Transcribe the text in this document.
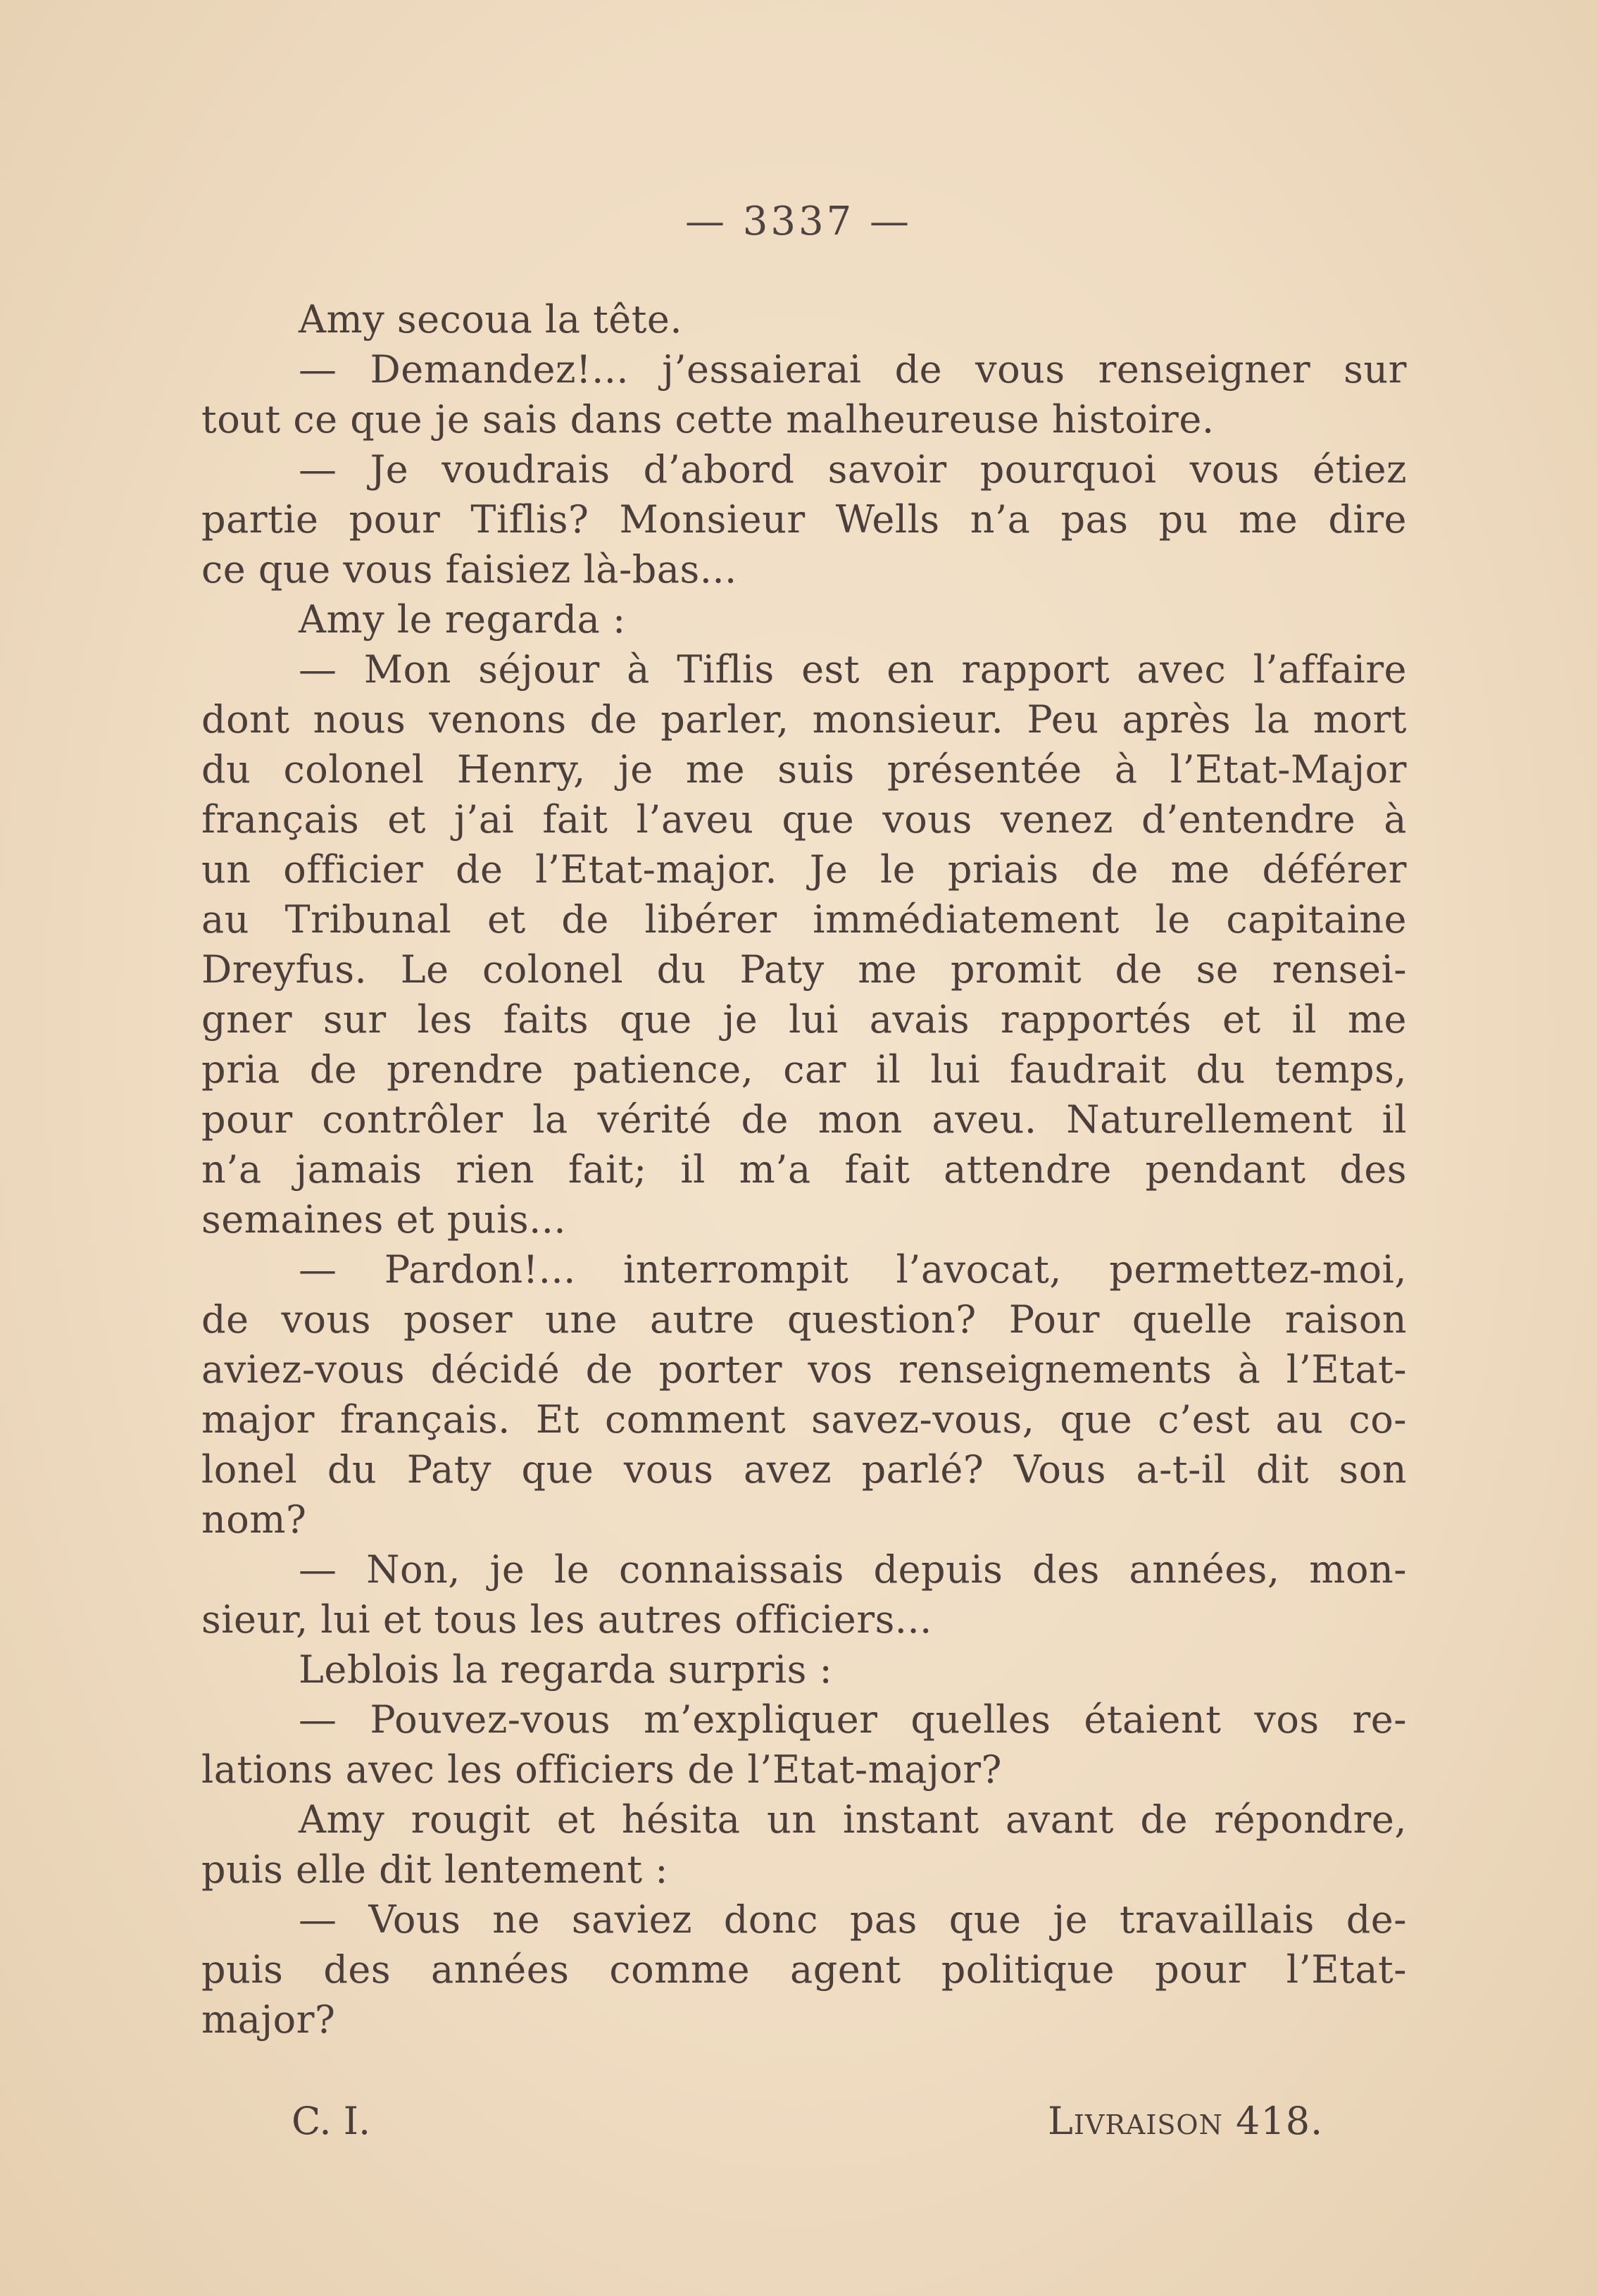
— 3337 —
Amy secoua la tête.
— Demandez!... j’essaierai de vous renseigner sur
tout ce que je sais dans cette malheureuse histoire.
— Je voudrais d’abord savoir pourquoi vous étiez
partie pour Tiflis? Monsieur Wells n’a pas pu me dire
ce que vous faisiez là-bas...
Amy le regarda :
— Mon séjour à Tiflis est en rapport avec l’affaire
dont nous venons de parler, monsieur. Peu après la mort
du colonel Henry, je me suis présentée à l’Etat-Major
français et j’ai fait l’aveu que vous venez d’entendre à
un officier de l’Etat-major. Je le priais de me déférer
au Tribunal et de libérer immédiatement le capitaine
Dreyfus. Le colonel du Paty me promit de se rensei-
gner sur les faits que je lui avais rapportés et il me
pria de prendre patience, car il lui faudrait du temps,
pour contrôler la vérité de mon aveu. Naturellement il
n’a jamais rien fait; il m’a fait attendre pendant des
semaines et puis...
— Pardon!... interrompit l’avocat, permettez-moi,
de vous poser une autre question? Pour quelle raison
aviez-vous décidé de porter vos renseignements à l’Etat-
major français. Et comment savez-vous, que c’est au co-
lonel du Paty que vous avez parlé? Vous a-t-il dit son
nom?
— Non, je le connaissais depuis des années, mon-
sieur, lui et tous les autres officiers...
Leblois la regarda surpris :
— Pouvez-vous m’expliquer quelles étaient vos re-
lations avec les officiers de l’Etat-major?
Amy rougit et hésita un instant avant de répondre,
puis elle dit lentement :
— Vous ne saviez donc pas que je travaillais de-
puis des années comme agent politique pour l’Etat-
major?
C. I.	Livraison 418.
